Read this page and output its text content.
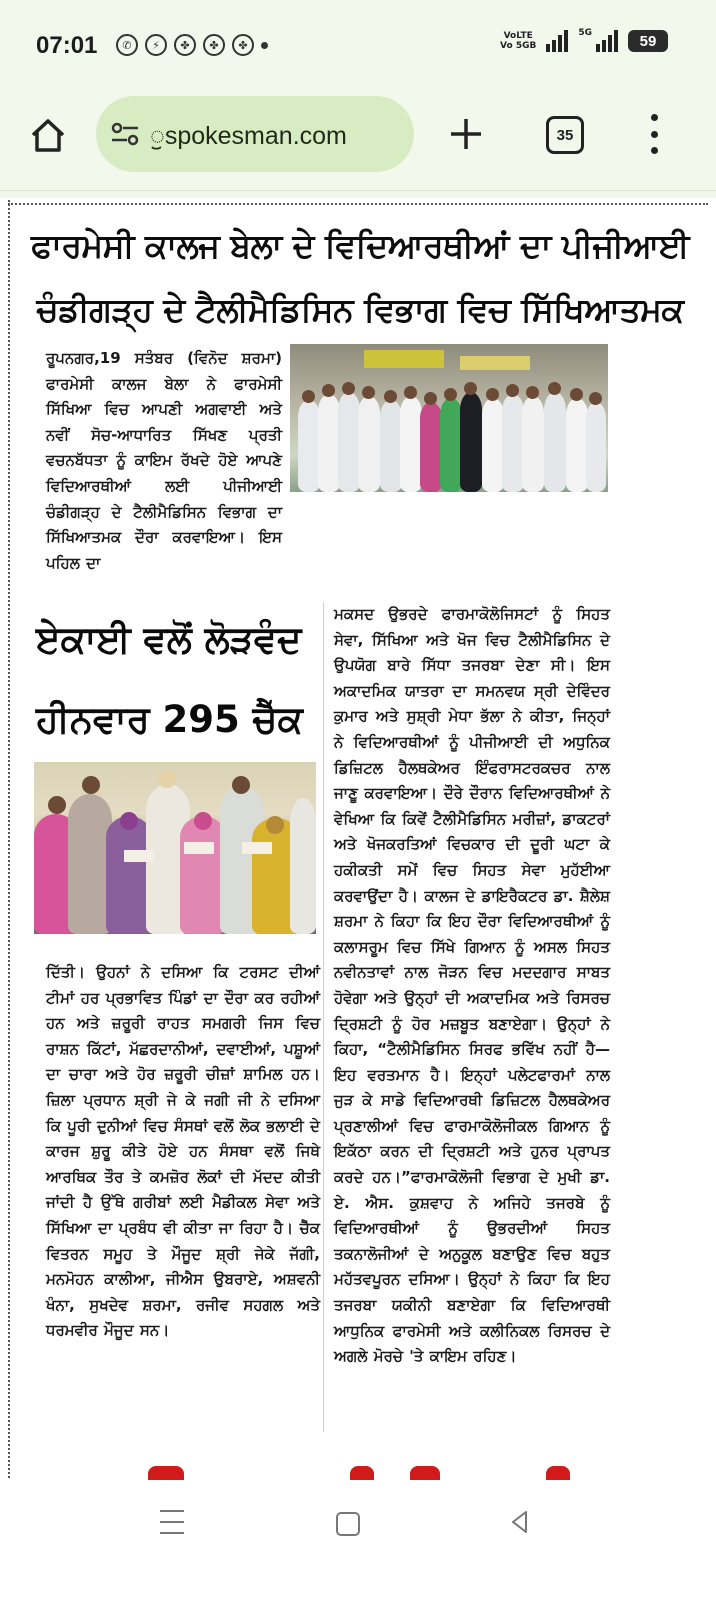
07:01	✆	⚡	✤	✤	✤
VoLTE
Vo 5GB
5G	59
ॖspokesman.com	35
ਫਾਰਮੇਸੀ ਕਾਲਜ ਬੇਲਾ ਦੇ ਵਿਦਿਆਰਥੀਆਂ ਦਾ ਪੀਜੀਆਈ
ਚੰਡੀਗੜ੍ਹ ਦੇ ਟੈਲੀਮੈਡਿਸਿਨ ਵਿਭਾਗ ਵਿਚ ਸਿੱਖਿਆਤਮਕ
ਰੂਪਨਗਰ,19 ਸਤੰਬਰ (ਵਿਨੋਦ ਸ਼ਰਮਾ) ਫਾਰਮੇਸੀ ਕਾਲਜ ਬੇਲਾ ਨੇ ਫਾਰਮੇਸੀ ਸਿੱਖਿਆ ਵਿਚ ਆਪਣੀ ਅਗਵਾਈ ਅਤੇ ਨਵੀਂ ਸੋਚ-ਆਧਾਰਿਤ ਸਿੱਖਣ ਪ੍ਰਤੀ ਵਚਨਬੱਧਤਾ ਨੂੰ ਕਾਇਮ ਰੱਖਦੇ ਹੋਏ ਆਪਣੇ ਵਿਦਿਆਰਥੀਆਂ ਲਈ ਪੀਜੀਆਈ ਚੰਡੀਗੜ੍ਹ ਦੇ ਟੈਲੀਮੈਡਿਸਿਨ ਵਿਭਾਗ ਦਾ ਸਿੱਖਿਆਤਮਕ ਦੌਰਾ ਕਰਵਾਇਆ। ਇਸ ਪਹਿਲ ਦਾ
ਮਕਸਦ ਉਭਰਦੇ ਫਾਰਮਾਕੋਲੋਜਿਸਟਾਂ ਨੂੰ ਸਿਹਤ ਸੇਵਾ, ਸਿੱਖਿਆ ਅਤੇ ਖੋਜ ਵਿਚ ਟੈਲੀਮੈਡਿਸਿਨ ਦੇ ਉਪਯੋਗ ਬਾਰੇ ਸਿੱਧਾ ਤਜਰਬਾ ਦੇਣਾ ਸੀ। ਇਸ ਅਕਾਦਮਿਕ ਯਾਤਰਾ ਦਾ ਸਮਨਵਯ ਸ੍ਰੀ ਦੇਵਿੰਦਰ ਕੁਮਾਰ ਅਤੇ ਸੁਸ਼੍ਰੀ ਮੇਧਾ ਭੱਲਾ ਨੇ ਕੀਤਾ, ਜਿਨ੍ਹਾਂ ਨੇ ਵਿਦਿਆਰਥੀਆਂ ਨੂੰ ਪੀਜੀਆਈ ਦੀ ਅਧੁਨਿਕ ਡਿਜ਼ਿਟਲ ਹੈਲਥਕੇਅਰ ਇੰਫਰਾਸਟਰਕਚਰ ਨਾਲ ਜਾਣੂ ਕਰਵਾਇਆ। ਦੌਰੇ ਦੌਰਾਨ ਵਿਦਿਆਰਥੀਆਂ ਨੇ ਵੇਖਿਆ ਕਿ ਕਿਵੇਂ ਟੈਲੀਮੈਡਿਸਿਨ ਮਰੀਜ਼ਾਂ, ਡਾਕਟਰਾਂ ਅਤੇ ਖੋਜਕਰਤਿਆਂ ਵਿਚਕਾਰ ਦੀ ਦੂਰੀ ਘਟਾ ਕੇ ਹਕੀਕਤੀ ਸਮੇਂ ਵਿਚ ਸਿਹਤ ਸੇਵਾ ਮੁਹੱਈਆ ਕਰਵਾਉਂਦਾ ਹੈ। ਕਾਲਜ ਦੇ ਡਾਇਰੈਕਟਰ ਡਾ. ਸ਼ੈਲੇਸ਼ ਸ਼ਰਮਾ ਨੇ ਕਿਹਾ ਕਿ ਇਹ ਦੌਰਾ ਵਿਦਿਆਰਥੀਆਂ ਨੂੰ ਕਲਾਸਰੂਮ ਵਿਚ ਸਿੱਖੇ ਗਿਆਨ ਨੂੰ ਅਸਲ ਸਿਹਤ ਨਵੀਨਤਾਵਾਂ ਨਾਲ ਜੋੜਨ ਵਿਚ ਮਦਦਗਾਰ ਸਾਬਤ ਹੋਵੇਗਾ ਅਤੇ ਉਨ੍ਹਾਂ ਦੀ ਅਕਾਦਮਿਕ ਅਤੇ ਰਿਸਰਚ ਦ੍ਰਿਸ਼ਟੀ ਨੂੰ ਹੋਰ ਮਜ਼ਬੂਤ ਬਣਾਏਗਾ। ਉਨ੍ਹਾਂ ਨੇ ਕਿਹਾ, “ਟੈਲੀਮੈਡਿਸਿਨ ਸਿਰਫ ਭਵਿੱਖ ਨਹੀਂ ਹੈ— ਇਹ ਵਰਤਮਾਨ ਹੈ। ਇਨ੍ਹਾਂ ਪਲੇਟਫਾਰਮਾਂ ਨਾਲ ਜੁੜ ਕੇ ਸਾਡੇ ਵਿਦਿਆਰਥੀ ਡਿਜ਼ਿਟਲ ਹੈਲਥਕੇਅਰ ਪ੍ਰਣਾਲੀਆਂ ਵਿਚ ਫਾਰਮਾਕੋਲੋਜੀਕਲ ਗਿਆਨ ਨੂੰ ਇਕੱਠਾ ਕਰਨ ਦੀ ਦ੍ਰਿਸ਼ਟੀ ਅਤੇ ਹੁਨਰ ਪ੍ਰਾਪਤ ਕਰਦੇ ਹਨ।”ਫਾਰਮਾਕੋਲੋਜੀ ਵਿਭਾਗ ਦੇ ਮੁਖੀ ਡਾ. ਏ. ਐਸ. ਕੁਸ਼ਵਾਹ ਨੇ ਅਜਿਹੇ ਤਜਰਬੇ ਨੂੰ ਵਿਦਿਆਰਥੀਆਂ ਨੂੰ ਉਭਰਦੀਆਂ ਸਿਹਤ ਤਕਨਾਲੋਜੀਆਂ ਦੇ ਅਨੁਕੂਲ ਬਣਾਉਣ ਵਿਚ ਬਹੁਤ ਮਹੱਤਵਪੂਰਨ ਦਸਿਆ। ਉਨ੍ਹਾਂ ਨੇ ਕਿਹਾ ਕਿ ਇਹ ਤਜਰਬਾ ਯਕੀਨੀ ਬਣਾਏਗਾ ਕਿ ਵਿਦਿਆਰਥੀ ਆਧੁਨਿਕ ਫਾਰਮੇਸੀ ਅਤੇ ਕਲੀਨਿਕਲ ਰਿਸਰਚ ਦੇ ਅਗਲੇ ਮੋਰਚੇ 'ਤੇ ਕਾਇਮ ਰਹਿਣ।
ਏਕਾਈ ਵਲੋਂ ਲੋੜਵੰਦ
ਹੀਨਵਾਰ 295 ਚੈੱਕ
ਦਿੱਤੀ। ਉਹਨਾਂ ਨੇ ਦਸਿਆ ਕਿ ਟਰਸਟ ਦੀਆਂ ਟੀਮਾਂ ਹਰ ਪ੍ਰਭਾਵਿਤ ਪਿੰਡਾਂ ਦਾ ਦੌਰਾ ਕਰ ਰਹੀਆਂ ਹਨ ਅਤੇ ਜ਼ਰੂਰੀ ਰਾਹਤ ਸਮਗਰੀ ਜਿਸ ਵਿਚ ਰਾਸ਼ਨ ਕਿੱਟਾਂ, ਮੱਛਰਦਾਨੀਆਂ, ਦਵਾਈਆਂ, ਪਸ਼ੂਆਂ ਦਾ ਚਾਰਾ ਅਤੇ ਹੋਰ ਜ਼ਰੂਰੀ ਚੀਜ਼ਾਂ ਸ਼ਾਮਿਲ ਹਨ। ਜ਼ਿਲਾ ਪ੍ਰਧਾਨ ਸ਼੍ਰੀ ਜੇ ਕੇ ਜਗੀ ਜੀ ਨੇ ਦਸਿਆ ਕਿ ਪੂਰੀ ਦੁਨੀਆਂ ਵਿਚ ਸੰਸਥਾਂ ਵਲੋਂ ਲੋਕ ਭਲਾਈ ਦੇ ਕਾਰਜ ਸ਼ੁਰੂ ਕੀਤੇ ਹੋਏ ਹਨ ਸੰਸਥਾ ਵਲੋਂ ਜਿਥੇ ਆਰਥਿਕ ਤੌਰ ਤੇ ਕਮਜ਼ੋਰ ਲੋਕਾਂ ਦੀ ਮੱਦਦ ਕੀਤੀ ਜਾਂਦੀ ਹੈ ਉੱਥੇ ਗਰੀਬਾਂ ਲਈ ਮੈਡੀਕਲ ਸੇਵਾ ਅਤੇ ਸਿੱਖਿਆ ਦਾ ਪ੍ਰਬੰਧ ਵੀ ਕੀਤਾ ਜਾ ਰਿਹਾ ਹੈ। ਚੈੱਕ ਵਿਤਰਨ ਸਮੂਹ ਤੇ ਮੌਜੂਦ ਸ਼੍ਰੀ ਜੇਕੇ ਜੱਗੀ, ਮਨਮੋਹਨ ਕਾਲੀਆ, ਜੀਐਸ ਉਬਰਾਏ, ਅਸ਼ਵਨੀ ਖੰਨਾ, ਸੁਖਦੇਵ ਸ਼ਰਮਾ, ਰਜੀਵ ਸਹਗਲ ਅਤੇ ਧਰਮਵੀਰ ਮੌਜੂਦ ਸਨ।
